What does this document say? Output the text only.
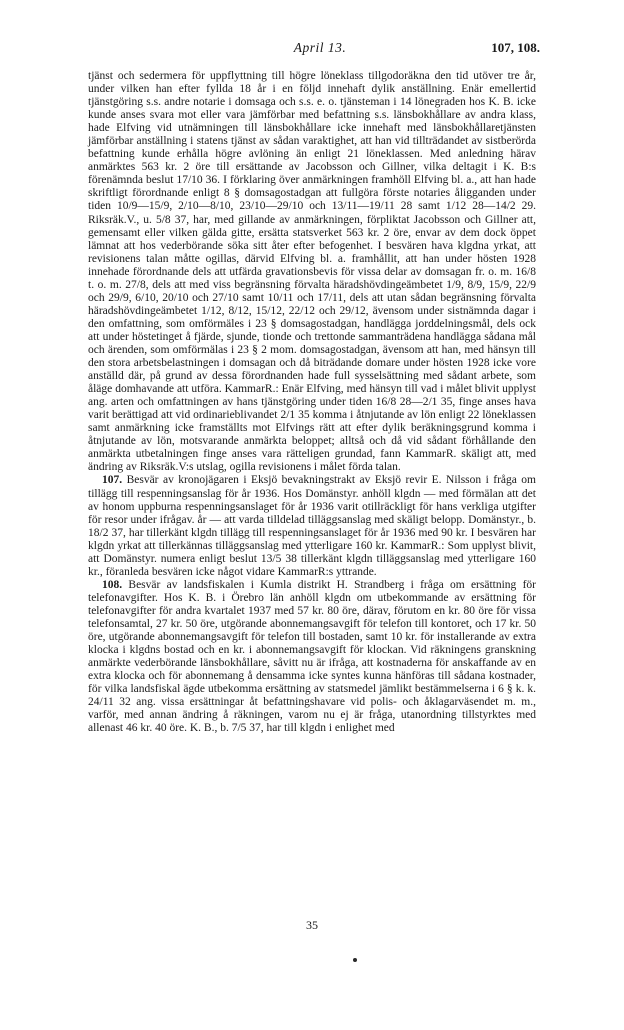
April 13.	107, 108.

tjänst och sedermera för uppflyttning till högre löneklass tillgodoräkna den tid utöver tre år, under vilken han efter fyllda 18 år i en följd innehaft dylik anställning. Enär emellertid tjänstgöring s.s. andre notarie i domsaga och s.s. e. o. tjänsteman i 14 lönegraden hos K. B. icke kunde anses svara mot eller vara jämförbar med befattning s.s. länsbokhållare av andra klass, hade Elfving vid utnämningen till länsbokhållare icke innehaft med länsbokhållaretjänsten jämförbar anställning i statens tjänst av sådan varaktighet, att han vid tillträdandet av sistberörda befattning kunde erhålla högre avlöning än enligt 21 löneklassen. Med anledning härav anmärktes 563 kr. 2 öre till ersättande av Jacobsson och Gillner, vilka deltagit i K. B:s förenämnda beslut 17/10 36. I förklaring över anmärkningen framhöll Elfving bl. a., att han hade skriftligt förordnande enligt 8 § domsagostadgan att fullgöra förste notaries åligganden under tiden 10/9—15/9, 2/10—8/10, 23/10—29/10 och 13/11—19/11 28 samt 1/12 28—14/2 29. Riksräk.V., u. 5/8 37, har, med gillande av anmärkningen, förpliktat Jacobsson och Gillner att, gemensamt eller vilken gälda gitte, ersätta statsverket 563 kr. 2 öre, envar av dem dock öppet lämnat att hos vederbörande söka sitt åter efter befogenhet. I besvären hava klgdna yrkat, att revisionens talan måtte ogillas, därvid Elfving bl. a. framhållit, att han under hösten 1928 innehade förordnande dels att utfärda gravationsbevis för vissa delar av domsagan fr. o. m. 16/8 t. o. m. 27/8, dels att med viss begränsning förvalta häradshövdingeämbetet 1/9, 8/9, 15/9, 22/9 och 29/9, 6/10, 20/10 och 27/10 samt 10/11 och 17/11, dels att utan sådan begränsning förvalta häradshövdingeämbetet 1/12, 8/12, 15/12, 22/12 och 29/12, ävensom under sistnämnda dagar i den omfattning, som omförmäles i 23 § domsagostadgan, handlägga jorddelningsmål, dels ock att under höstetinget å fjärde, sjunde, tionde och trettonde sammanträdena handlägga sådana mål och ärenden, som omförmälas i 23 § 2 mom. domsagostadgan, ävensom att han, med hänsyn till den stora arbetsbelastningen i domsagan och då biträdande domare under hösten 1928 icke vore anställd där, på grund av dessa förordnanden hade full sysselsättning med sådant arbete, som åläge domhavande att utföra. KammarR.: Enär Elfving, med hänsyn till vad i målet blivit upplyst ang. arten och omfattningen av hans tjänstgöring under tiden 16/8 28—2/1 35, finge anses hava varit berättigad att vid ordinarieblivandet 2/1 35 komma i åtnjutande av lön enligt 22 löneklassen samt anmärkning icke framställts mot Elfvings rätt att efter dylik beräkningsgrund komma i åtnjutande av lön, motsvarande anmärkta beloppet; alltså och då vid sådant förhållande den anmärkta utbetalningen finge anses vara rätteligen grundad, fann KammarR. skäligt att, med ändring av Riksräk.V:s utslag, ogilla revisionens i målet förda talan.

107. Besvär av kronojägaren i Eksjö bevakningstrakt av Eksjö revir E. Nilsson i fråga om tillägg till respenningsanslag för år 1936. Hos Domänstyr. anhöll klgdn — med förmälan att det av honom uppburna respenningsanslaget för år 1936 varit otillräckligt för hans verkliga utgifter för resor under ifrågav. år — att varda tilldelad tilläggsanslag med skäligt belopp. Domänstyr., b. 18/2 37, har tillerkänt klgdn tillägg till respenningsanslaget för år 1936 med 90 kr. I besvären har klgdn yrkat att tillerkännas tilläggsanslag med ytterligare 160 kr. KammarR.: Som upplyst blivit, att Domänstyr. numera enligt beslut 13/5 38 tillerkänt klgdn tilläggsanslag med ytterligare 160 kr., föranleda besvären icke något vidare KammarR:s yttrande.

108. Besvär av landsfiskalen i Kumla distrikt H. Strandberg i fråga om ersättning för telefonavgifter. Hos K. B. i Örebro län anhöll klgdn om utbekommande av ersättning för telefonavgifter för andra kvartalet 1937 med 57 kr. 80 öre, därav, förutom en kr. 80 öre för vissa telefonsamtal, 27 kr. 50 öre, utgörande abonnemangsavgift för telefon till kontoret, och 17 kr. 50 öre, utgörande abonnemangsavgift för telefon till bostaden, samt 10 kr. för installerande av extra klocka i klgdns bostad och en kr. i abonnemangsavgift för klockan. Vid räkningens granskning anmärkte vederbörande länsbokhållare, såvitt nu är ifråga, att kostnaderna för anskaffande av en extra klocka och för abonnemang å densamma icke syntes kunna hänföras till sådana kostnader, för vilka landsfiskal ägde utbekomma ersättning av statsmedel jämlikt bestämmelserna i 6 § k. k. 24/11 32 ang. vissa ersättningar åt befattningshavare vid polis- och åklagarväsendet m. m., varför, med annan ändring å räkningen, varom nu ej är fråga, utanordning tillstyrktes med allenast 46 kr. 40 öre. K. B., b. 7/5 37, har till klgdn i enlighet med

35
